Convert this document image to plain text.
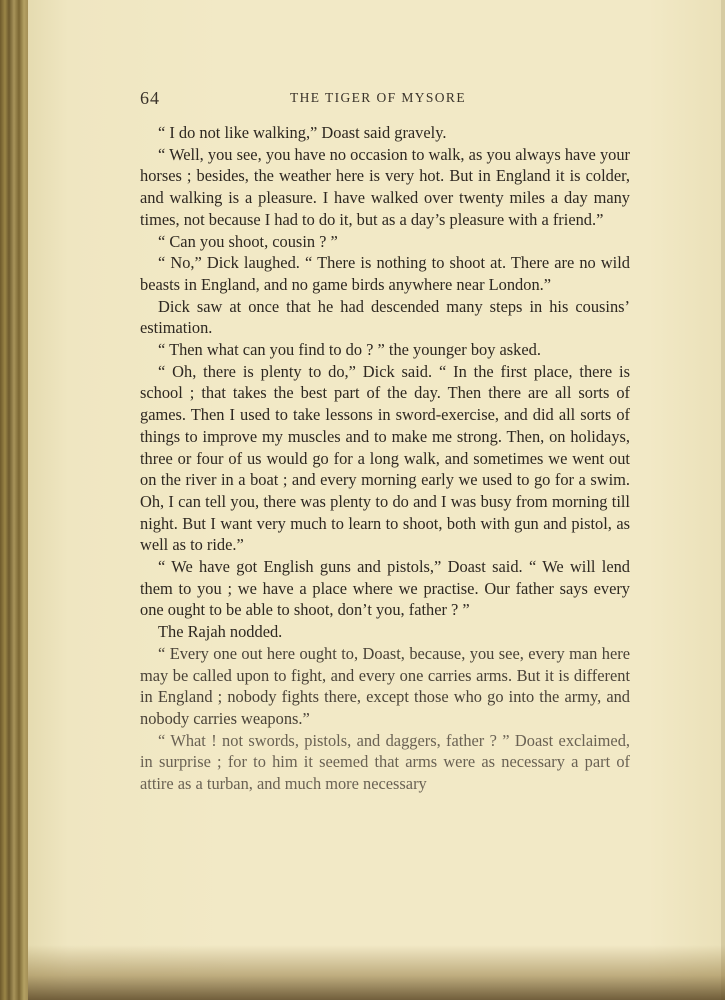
64	THE TIGER OF MYSORE

“ I do not like walking,” Doast said gravely.

“ Well, you see, you have no occasion to walk, as you always have your horses ; besides, the weather here is very hot. But in England it is colder, and walking is a pleasure. I have walked over twenty miles a day many times, not because I had to do it, but as a day’s pleasure with a friend.”

“ Can you shoot, cousin ? ”

“ No,” Dick laughed. “ There is nothing to shoot at. There are no wild beasts in England, and no game birds anywhere near London.”

Dick saw at once that he had descended many steps in his cousins’ estimation.

“ Then what can you find to do ? ” the younger boy asked.

“ Oh, there is plenty to do,” Dick said. “ In the first place, there is school ; that takes the best part of the day. Then there are all sorts of games. Then I used to take lessons in sword-exercise, and did all sorts of things to improve my muscles and to make me strong. Then, on holidays, three or four of us would go for a long walk, and sometimes we went out on the river in a boat ; and every morning early we used to go for a swim. Oh, I can tell you, there was plenty to do and I was busy from morning till night. But I want very much to learn to shoot, both with gun and pistol, as well as to ride.”

“ We have got English guns and pistols,” Doast said. “ We will lend them to you ; we have a place where we practise. Our father says every one ought to be able to shoot, don’t you, father ? ”

The Rajah nodded.

“ Every one out here ought to, Doast, because, you see, every man here may be called upon to fight, and every one carries arms. But it is different in England ; nobody fights there, except those who go into the army, and nobody carries weapons.”

“ What ! not swords, pistols, and daggers, father ? ” Doast exclaimed, in surprise ; for to him it seemed that arms were as necessary a part of attire as a turban, and much more necessary
